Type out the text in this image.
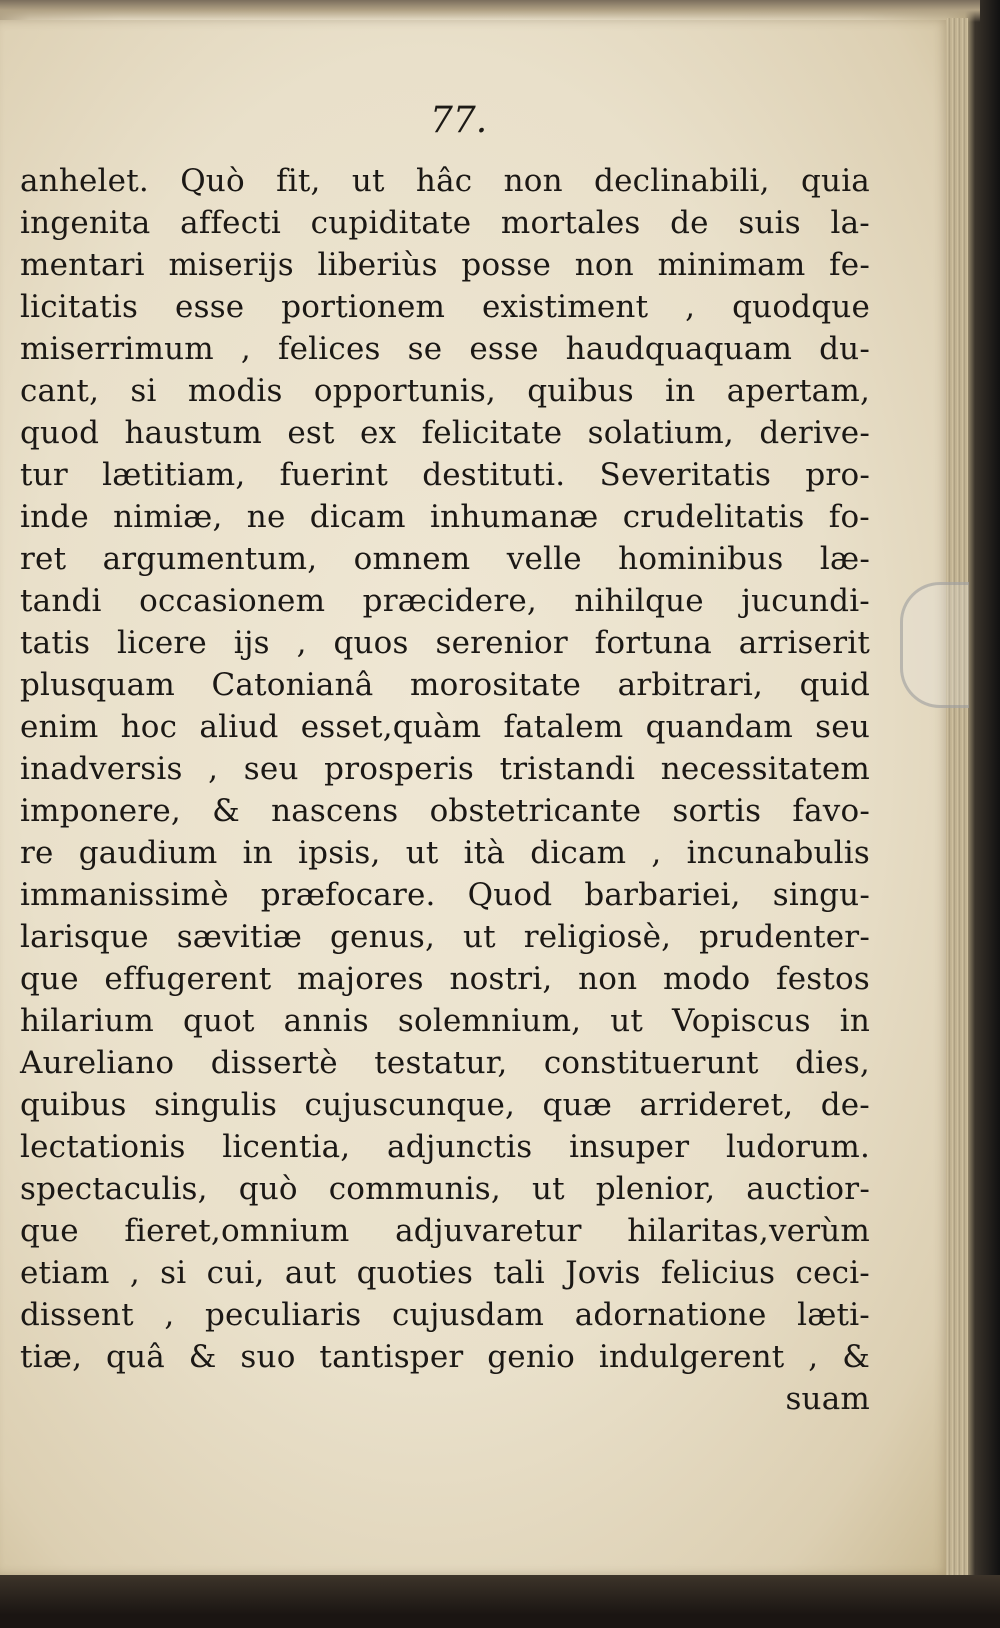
77.
anhelet. Quò fit, ut hâc non declinabili, quia
ingenita affecti cupiditate mortales de suis la-
mentari miserijs liberiùs posse non minimam fe-
licitatis esse portionem existiment , quodque
miserrimum , felices se esse haudquaquam du-
cant, si modis opportunis, quibus in apertam,
quod haustum est ex felicitate solatium, derive-
tur lætitiam, fuerint destituti. Severitatis pro-
inde nimiæ, ne dicam inhumanæ crudelitatis fo-
ret argumentum, omnem velle hominibus læ-
tandi occasionem præcidere, nihilque jucundi-
tatis licere ijs , quos serenior fortuna arriserit
plusquam Catonianâ morositate arbitrari, quid
enim hoc aliud esset,quàm fatalem quandam seu
inadversis , seu prosperis tristandi necessitatem
imponere, & nascens obstetricante sortis favo-
re gaudium in ipsis, ut ità dicam , incunabulis
immanissimè præfocare. Quod barbariei, singu-
larisque sævitiæ genus, ut religiosè, prudenter-
que effugerent majores nostri, non modo festos
hilarium quot annis solemnium, ut Vopiscus in
Aureliano dissertè testatur, constituerunt dies,
quibus singulis cujuscunque, quæ arrideret, de-
lectationis licentia, adjunctis insuper ludorum.
spectaculis, quò communis, ut plenior, auctior-
que fieret,omnium adjuvaretur hilaritas,verùm
etiam , si cui, aut quoties tali Jovis felicius ceci-
dissent , peculiaris cujusdam adornatione læti-
tiæ, quâ & suo tantisper genio indulgerent , &
suam
